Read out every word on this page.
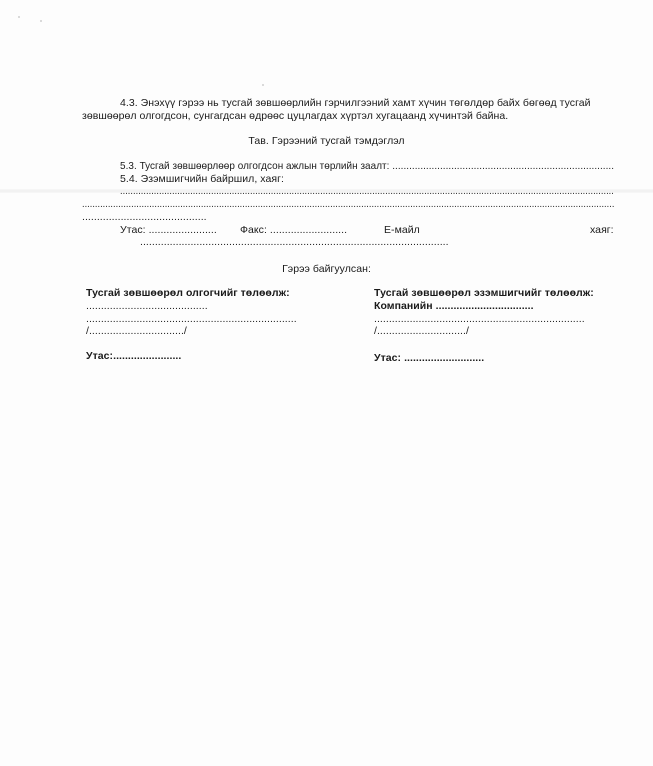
4.3. Энэхүү гэрээ нь тусгай зөвшөөрлийн гэрчилгээний хамт хүчин төгөлдөр байх бөгөөд тусгай
зөвшөөрөл олгогдсон, сунгагдсан өдрөөс цуцлагдах хүртэл хугацаанд хүчинтэй байна.
Тав. Гэрээний тусгай тэмдэглэл
5.3. Тусгай зөвшөөрлөөр олгогдсон ажлын төрлийн заалт: ...............................................................................
5.4. Эзэмшигчийн байршил, хаяг:
..............................................................................................................................................................................................
..............................................................................................................................................................................................................
..........................................
Утас: ....................... Факс: ..........................	Е-майл	хаяг:
........................................................................................................
Гэрээ байгуулсан:
Тусгай зөвшөөрөл олгогчийг төлөөлж:
.........................................
.......................................................................
/................................/
Утас:.......................
Тусгай зөвшөөрөл эзэмшигчийг төлөөлж:
Компанийн .................................
.......................................................................
/............................../
Утас: ...........................
